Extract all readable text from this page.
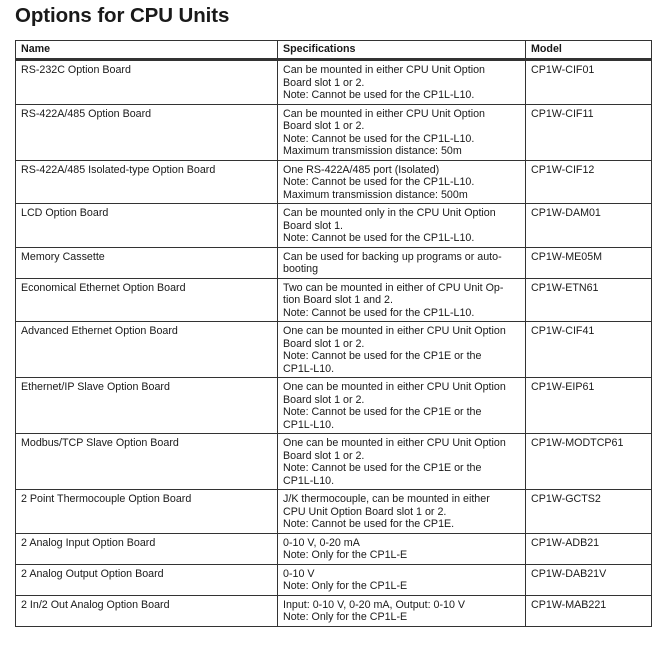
Options for CPU Units
Name	Specifications	Model
RS-232C Option Board	Can be mounted in either CPU Unit Option
Board slot 1 or 2.
Note: Cannot be used for the CP1L-L10.	CP1W-CIF01
RS-422A/485 Option Board	Can be mounted in either CPU Unit Option
Board slot 1 or 2.
Note: Cannot be used for the CP1L-L10.
Maximum transmission distance: 50m	CP1W-CIF11
RS-422A/485 Isolated-type Option Board	One RS-422A/485 port (Isolated)
Note: Cannot be used for the CP1L-L10.
Maximum transmission distance: 500m	CP1W-CIF12
LCD Option Board	Can be mounted only in the CPU Unit Option
Board slot 1.
Note: Cannot be used for the CP1L-L10.	CP1W-DAM01
Memory Cassette	Can be used for backing up programs or auto-
booting	CP1W-ME05M
Economical Ethernet Option Board	Two can be mounted in either of CPU Unit Op-
tion Board slot 1 and 2.
Note: Cannot be used for the CP1L-L10.	CP1W-ETN61
Advanced Ethernet Option Board	One can be mounted in either CPU Unit Option
Board slot 1 or 2.
Note: Cannot be used for the CP1E or the
CP1L-L10.	CP1W-CIF41
Ethernet/IP Slave Option Board	One can be mounted in either CPU Unit Option
Board slot 1 or 2.
Note: Cannot be used for the CP1E or the
CP1L-L10.	CP1W-EIP61
Modbus/TCP Slave Option Board	One can be mounted in either CPU Unit Option
Board slot 1 or 2.
Note: Cannot be used for the CP1E or the
CP1L-L10.	CP1W-MODTCP61
2 Point Thermocouple Option Board	J/K thermocouple, can be mounted in either
CPU Unit Option Board slot 1 or 2.
Note: Cannot be used for the CP1E.	CP1W-GCTS2
2 Analog Input Option Board	0-10 V, 0-20 mA
Note: Only for the CP1L-E	CP1W-ADB21
2 Analog Output Option Board	0-10 V
Note: Only for the CP1L-E	CP1W-DAB21V
2 In/2 Out Analog Option Board	Input: 0-10 V, 0-20 mA, Output: 0-10 V
Note: Only for the CP1L-E	CP1W-MAB221
